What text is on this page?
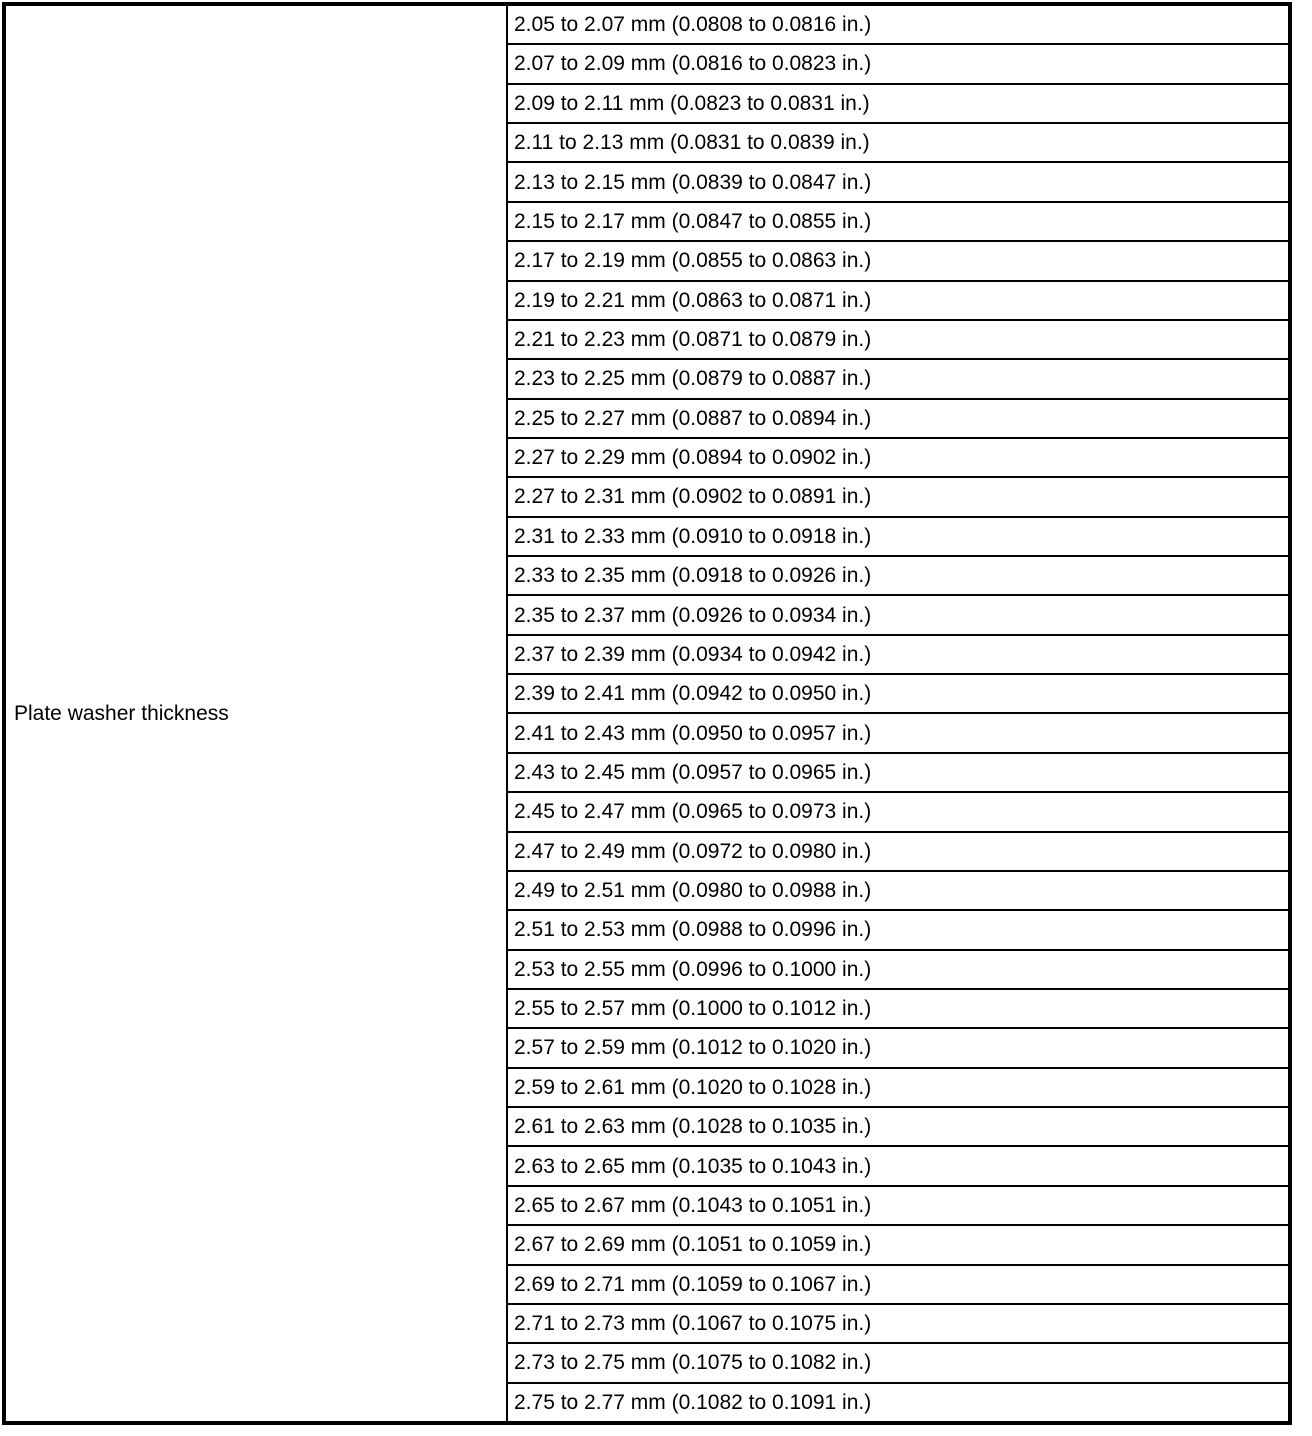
Plate washer thickness	2.05 to 2.07 mm (0.0808 to 0.0816 in.)
2.07 to 2.09 mm (0.0816 to 0.0823 in.)
2.09 to 2.11 mm (0.0823 to 0.0831 in.)
2.11 to 2.13 mm (0.0831 to 0.0839 in.)
2.13 to 2.15 mm (0.0839 to 0.0847 in.)
2.15 to 2.17 mm (0.0847 to 0.0855 in.)
2.17 to 2.19 mm (0.0855 to 0.0863 in.)
2.19 to 2.21 mm (0.0863 to 0.0871 in.)
2.21 to 2.23 mm (0.0871 to 0.0879 in.)
2.23 to 2.25 mm (0.0879 to 0.0887 in.)
2.25 to 2.27 mm (0.0887 to 0.0894 in.)
2.27 to 2.29 mm (0.0894 to 0.0902 in.)
2.27 to 2.31 mm (0.0902 to 0.0891 in.)
2.31 to 2.33 mm (0.0910 to 0.0918 in.)
2.33 to 2.35 mm (0.0918 to 0.0926 in.)
2.35 to 2.37 mm (0.0926 to 0.0934 in.)
2.37 to 2.39 mm (0.0934 to 0.0942 in.)
2.39 to 2.41 mm (0.0942 to 0.0950 in.)
2.41 to 2.43 mm (0.0950 to 0.0957 in.)
2.43 to 2.45 mm (0.0957 to 0.0965 in.)
2.45 to 2.47 mm (0.0965 to 0.0973 in.)
2.47 to 2.49 mm (0.0972 to 0.0980 in.)
2.49 to 2.51 mm (0.0980 to 0.0988 in.)
2.51 to 2.53 mm (0.0988 to 0.0996 in.)
2.53 to 2.55 mm (0.0996 to 0.1000 in.)
2.55 to 2.57 mm (0.1000 to 0.1012 in.)
2.57 to 2.59 mm (0.1012 to 0.1020 in.)
2.59 to 2.61 mm (0.1020 to 0.1028 in.)
2.61 to 2.63 mm (0.1028 to 0.1035 in.)
2.63 to 2.65 mm (0.1035 to 0.1043 in.)
2.65 to 2.67 mm (0.1043 to 0.1051 in.)
2.67 to 2.69 mm (0.1051 to 0.1059 in.)
2.69 to 2.71 mm (0.1059 to 0.1067 in.)
2.71 to 2.73 mm (0.1067 to 0.1075 in.)
2.73 to 2.75 mm (0.1075 to 0.1082 in.)
2.75 to 2.77 mm (0.1082 to 0.1091 in.)
